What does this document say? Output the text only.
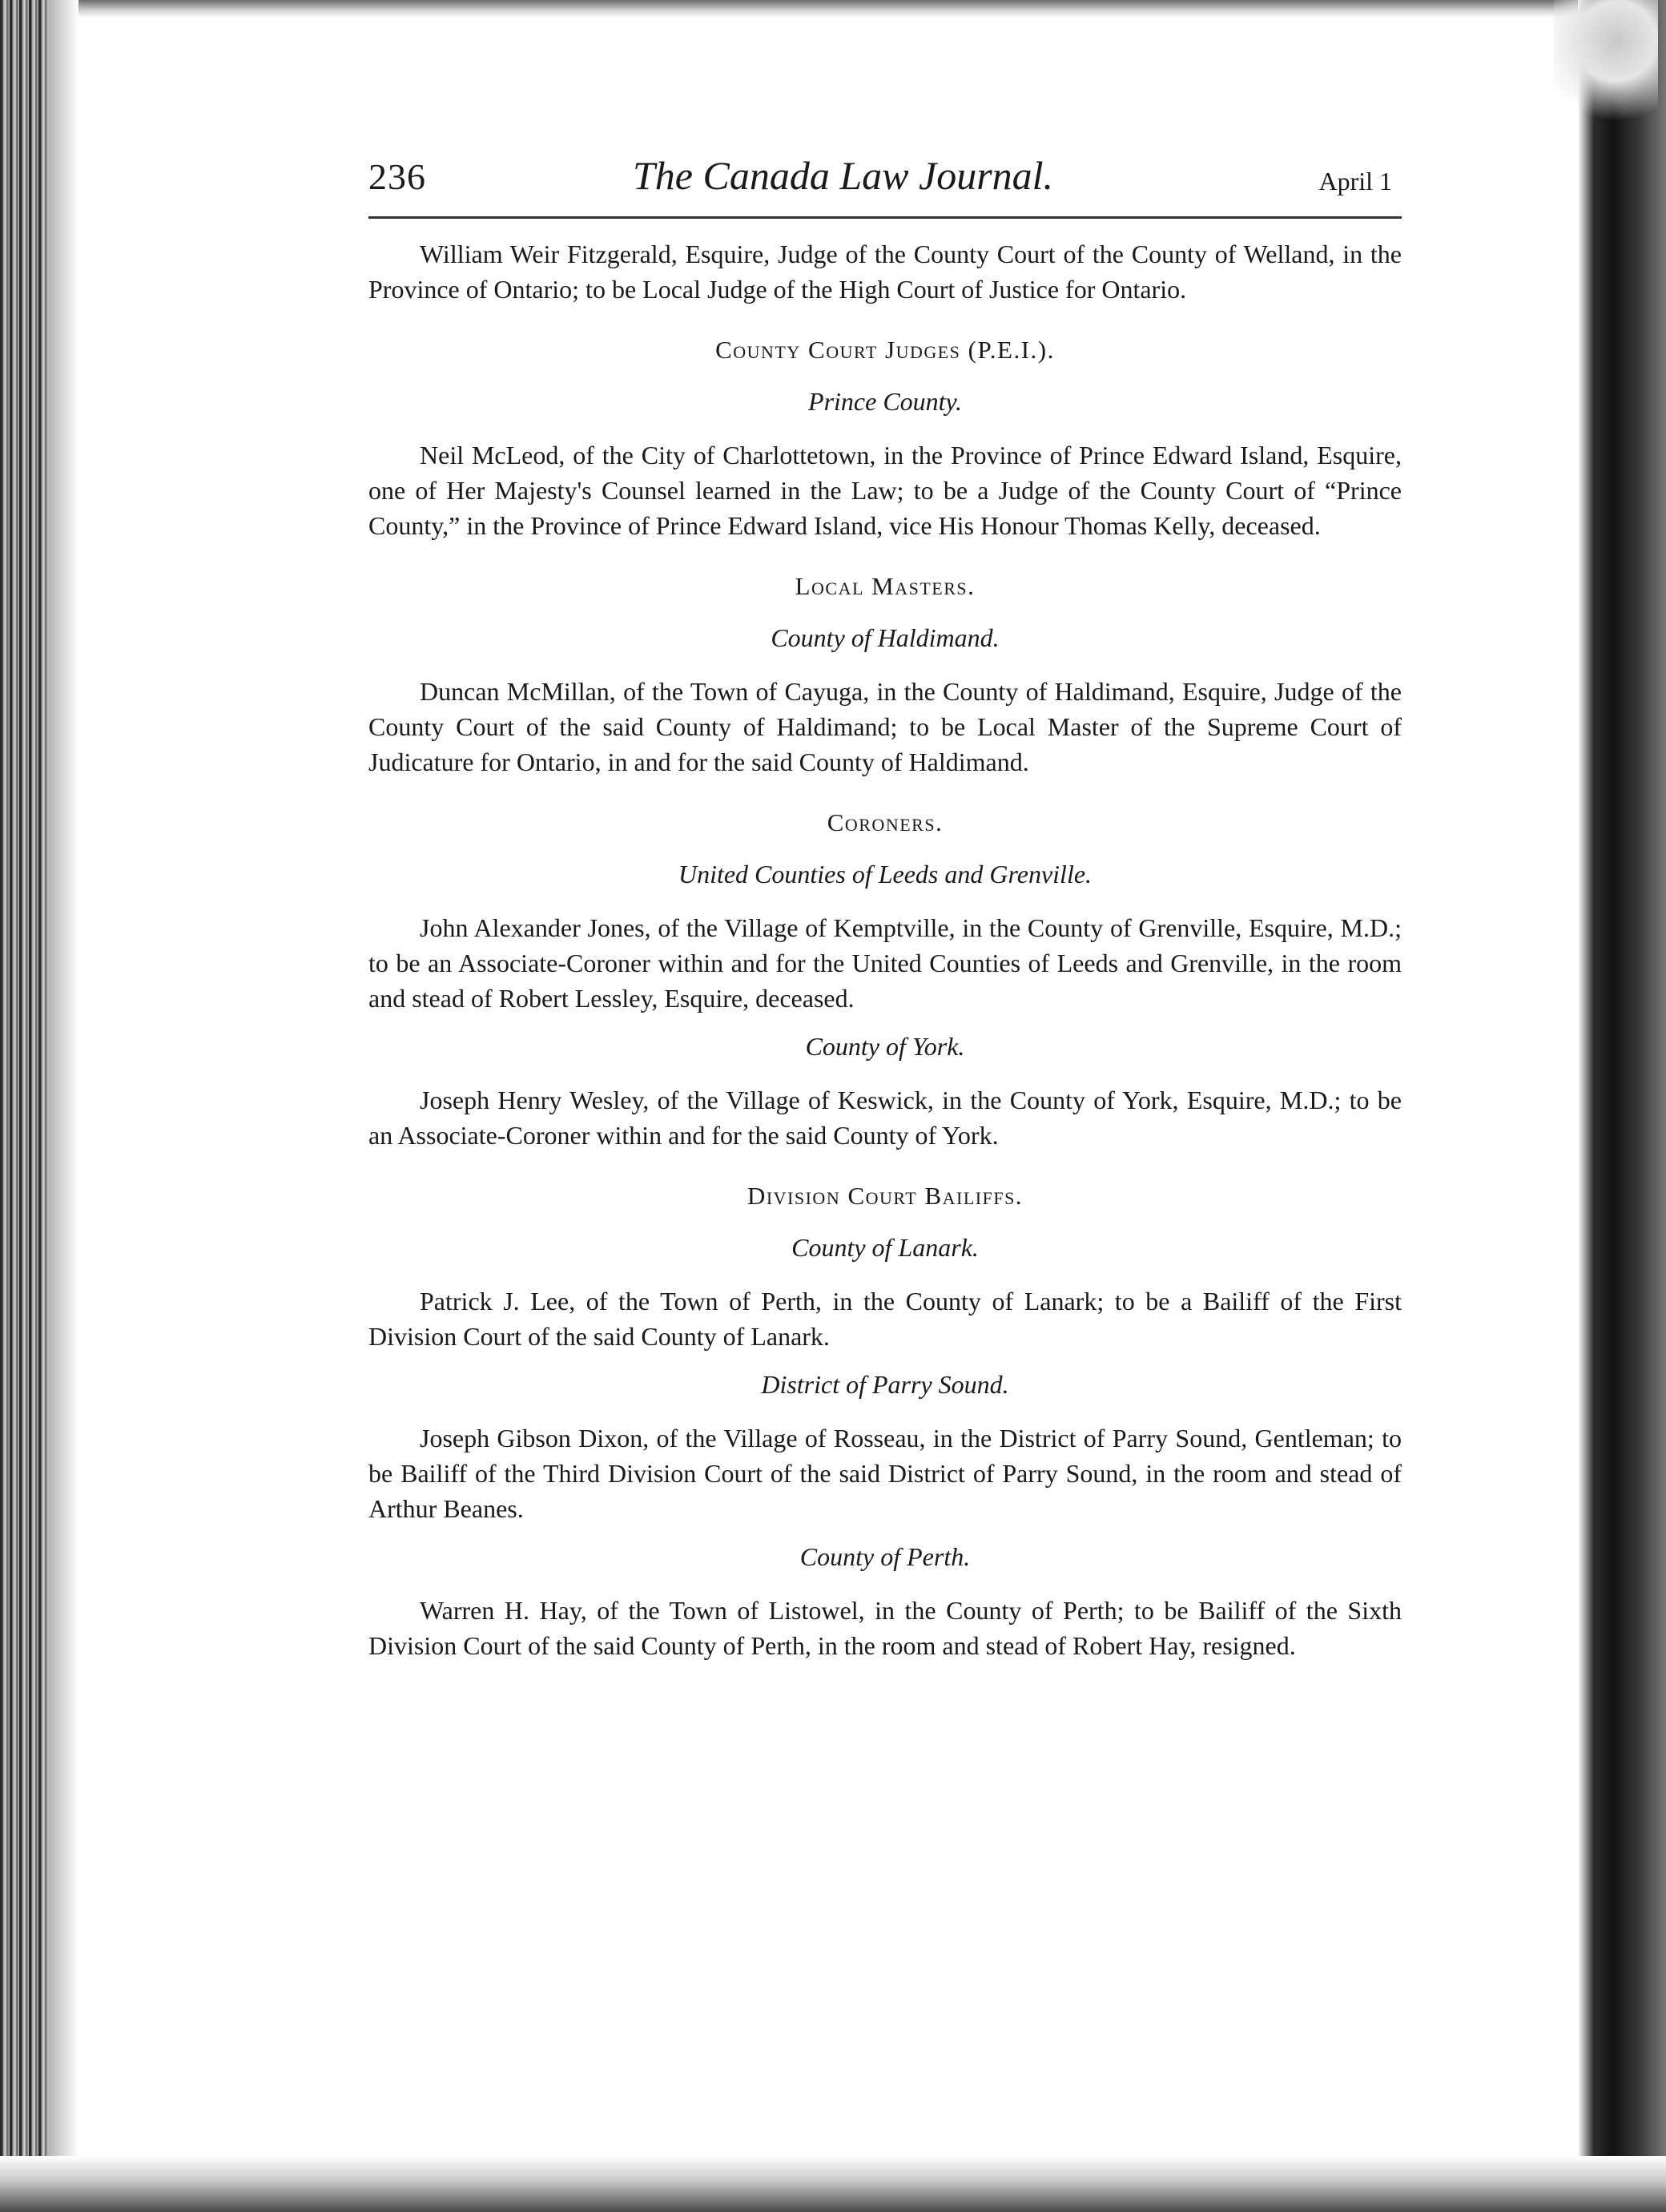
236	The Canada Law Journal.	April 1

William Weir Fitzgerald, Esquire, Judge of the County Court of the County of Welland, in the Province of Ontario; to be Local Judge of the High Court of Justice for Ontario.

County Court Judges (P.E.I.).
Prince County.

Neil McLeod, of the City of Charlottetown, in the Province of Prince Edward Island, Esquire, one of Her Majesty's Counsel learned in the Law; to be a Judge of the County Court of “Prince County,” in the Province of Prince Edward Island, vice His Honour Thomas Kelly, deceased.

Local Masters.
County of Haldimand.

Duncan McMillan, of the Town of Cayuga, in the County of Haldimand, Esquire, Judge of the County Court of the said County of Haldimand; to be Local Master of the Supreme Court of Judicature for Ontario, in and for the said County of Haldimand.

Coroners.
United Counties of Leeds and Grenville.

John Alexander Jones, of the Village of Kemptville, in the County of Grenville, Esquire, M.D.; to be an Associate-Coroner within and for the United Counties of Leeds and Grenville, in the room and stead of Robert Lessley, Esquire, deceased.

County of York.

Joseph Henry Wesley, of the Village of Keswick, in the County of York, Esquire, M.D.; to be an Associate-Coroner within and for the said County of York.

Division Court Bailiffs.
County of Lanark.

Patrick J. Lee, of the Town of Perth, in the County of Lanark; to be a Bailiff of the First Division Court of the said County of Lanark.

District of Parry Sound.

Joseph Gibson Dixon, of the Village of Rosseau, in the District of Parry Sound, Gentleman; to be Bailiff of the Third Division Court of the said District of Parry Sound, in the room and stead of Arthur Beanes.

County of Perth.

Warren H. Hay, of the Town of Listowel, in the County of Perth; to be Bailiff of the Sixth Division Court of the said County of Perth, in the room and stead of Robert Hay, resigned.
